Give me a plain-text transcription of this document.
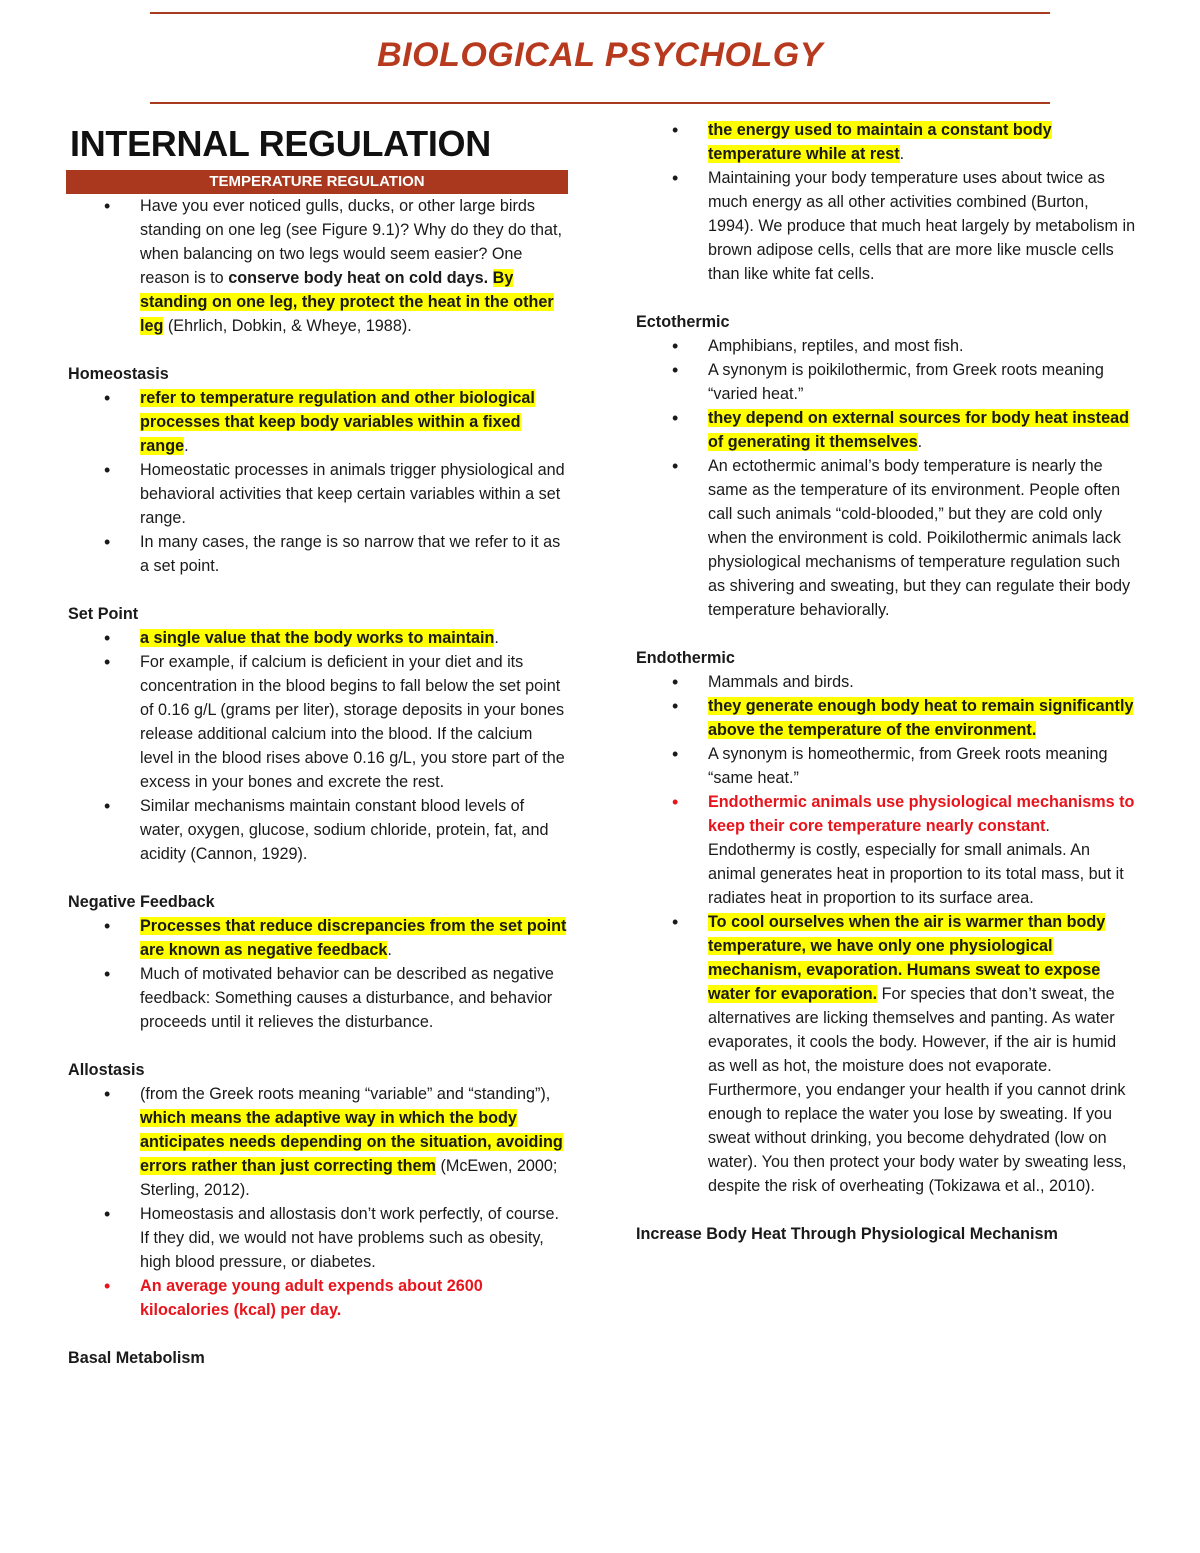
BIOLOGICAL PSYCHOLGY
INTERNAL REGULATION
TEMPERATURE REGULATION
• Have you ever noticed gulls, ducks, or other large birds standing on one leg (see Figure 9.1)? Why do they do that, when balancing on two legs would seem easier? One reason is to conserve body heat on cold days. By standing on one leg, they protect the heat in the other leg (Ehrlich, Dobkin, & Wheye, 1988).
Homeostasis
• refer to temperature regulation and other biological processes that keep body variables within a fixed range.
• Homeostatic processes in animals trigger physiological and behavioral activities that keep certain variables within a set range.
• In many cases, the range is so narrow that we refer to it as a set point.
Set Point
• a single value that the body works to maintain.
• For example, if calcium is deficient in your diet and its concentration in the blood begins to fall below the set point of 0.16 g/L (grams per liter), storage deposits in your bones release additional calcium into the blood. If the calcium level in the blood rises above 0.16 g/L, you store part of the excess in your bones and excrete the rest.
• Similar mechanisms maintain constant blood levels of water, oxygen, glucose, sodium chloride, protein, fat, and acidity (Cannon, 1929).
Negative Feedback
• Processes that reduce discrepancies from the set point are known as negative feedback.
• Much of motivated behavior can be described as negative feedback: Something causes a disturbance, and behavior proceeds until it relieves the disturbance.
Allostasis
• (from the Greek roots meaning “variable” and “standing”), which means the adaptive way in which the body anticipates needs depending on the situation, avoiding errors rather than just correcting them (McEwen, 2000; Sterling, 2012).
• Homeostasis and allostasis don’t work perfectly, of course. If they did, we would not have problems such as obesity, high blood pressure, or diabetes.
• An average young adult expends about 2600 kilocalories (kcal) per day.
Basal Metabolism
• the energy used to maintain a constant body temperature while at rest.
• Maintaining your body temperature uses about twice as much energy as all other activities combined (Burton, 1994). We produce that much heat largely by metabolism in brown adipose cells, cells that are more like muscle cells than like white fat cells.
Ectothermic
• Amphibians, reptiles, and most fish.
• A synonym is poikilothermic, from Greek roots meaning “varied heat.”
• they depend on external sources for body heat instead of generating it themselves.
• An ectothermic animal’s body temperature is nearly the same as the temperature of its environment. People often call such animals “cold-blooded,” but they are cold only when the environment is cold. Poikilothermic animals lack physiological mechanisms of temperature regulation such as shivering and sweating, but they can regulate their body temperature behaviorally.
Endothermic
• Mammals and birds.
• they generate enough body heat to remain significantly above the temperature of the environment.
• A synonym is homeothermic, from Greek roots meaning “same heat.”
• Endothermic animals use physiological mechanisms to keep their core temperature nearly constant. Endothermy is costly, especially for small animals. An animal generates heat in proportion to its total mass, but it radiates heat in proportion to its surface area.
• To cool ourselves when the air is warmer than body temperature, we have only one physiological mechanism, evaporation. Humans sweat to expose water for evaporation. For species that don’t sweat, the alternatives are licking themselves and panting. As water evaporates, it cools the body. However, if the air is humid as well as hot, the moisture does not evaporate. Furthermore, you endanger your health if you cannot drink enough to replace the water you lose by sweating. If you sweat without drinking, you become dehydrated (low on water). You then protect your body water by sweating less, despite the risk of overheating (Tokizawa et al., 2010).
Increase Body Heat Through Physiological Mechanism
